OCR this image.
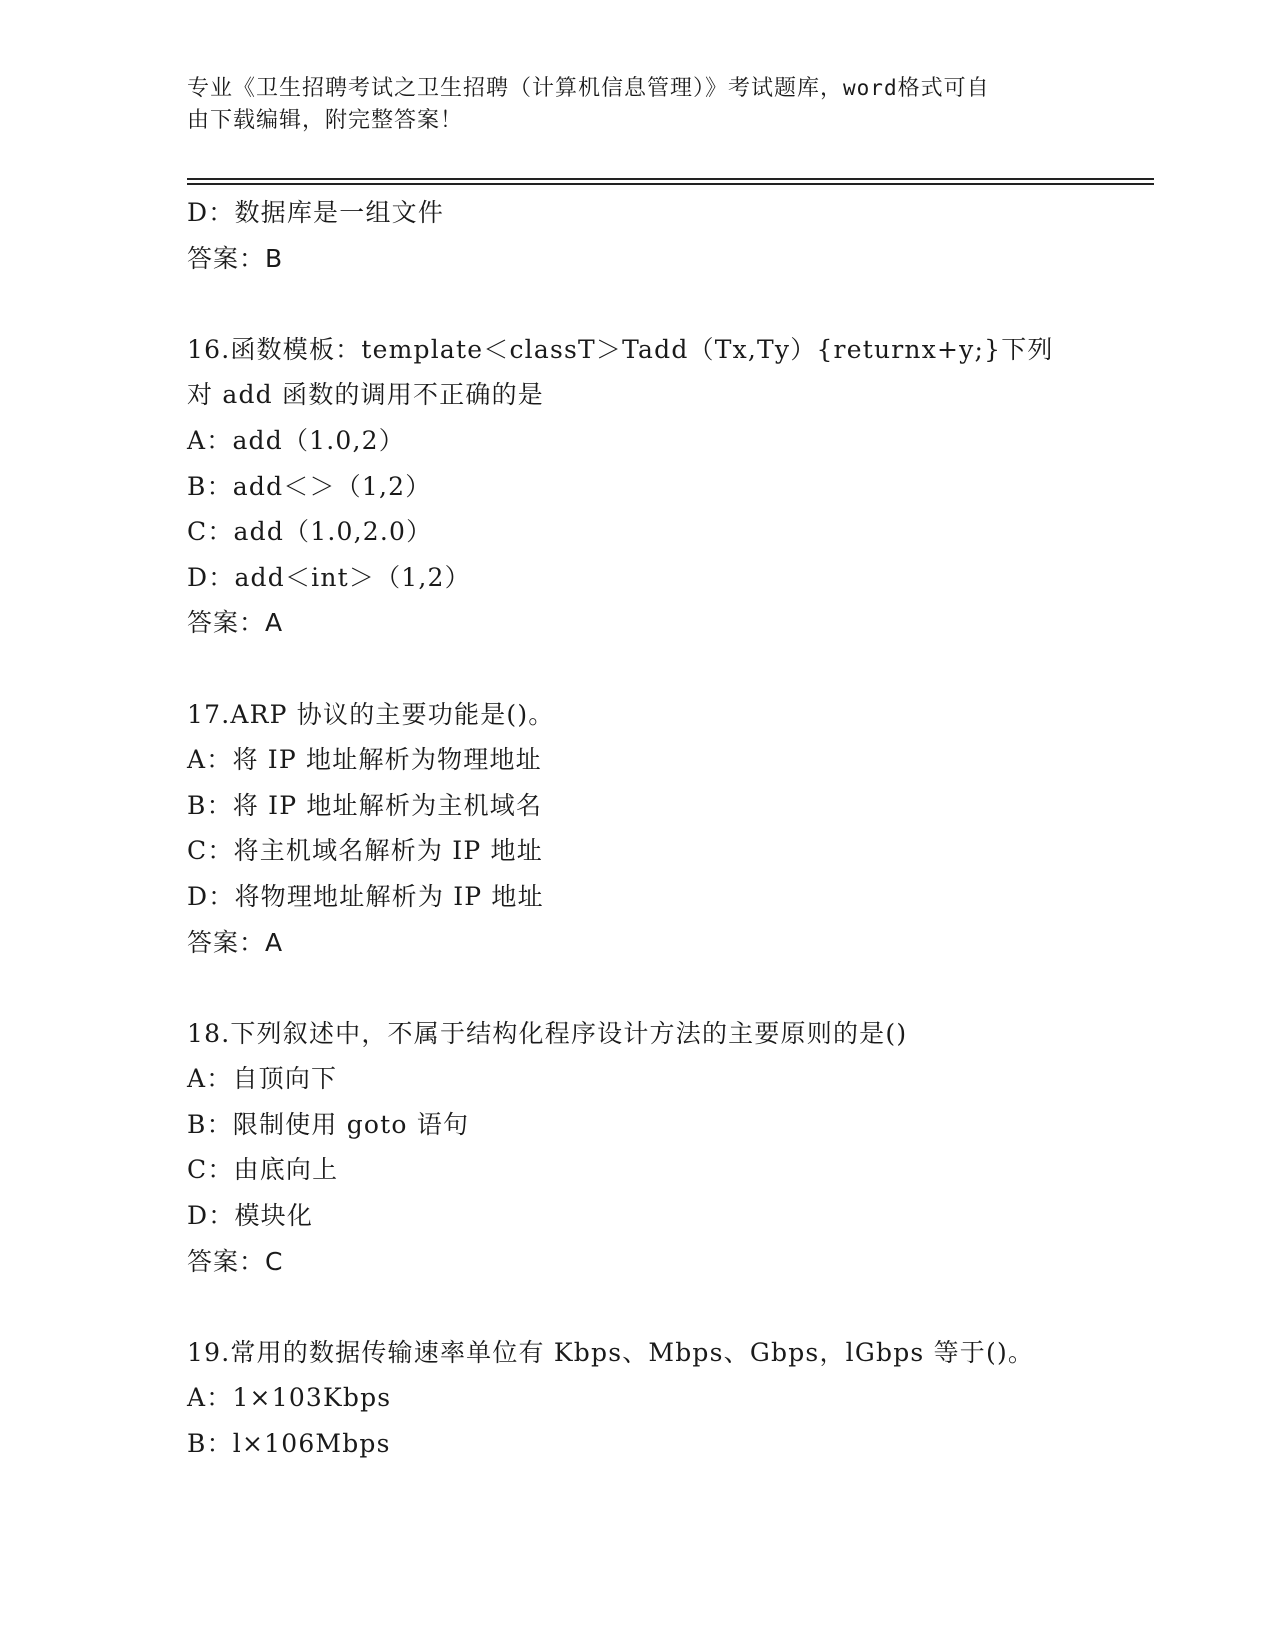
专业《卫生招聘考试之卫生招聘（计算机信息管理）》考试题库，word格式可自
由下载编辑，附完整答案！
D：数据库是一组文件
答案：B
16.函数模板：template＜classT＞Tadd（Tx,Ty）{returnx+y;}下列
对 add 函数的调用不正确的是
A：add（1.0,2）
B：add＜＞（1,2）
C：add（1.0,2.0）
D：add＜int＞（1,2）
答案：A
17.ARP 协议的主要功能是()。
A：将 IP 地址解析为物理地址
B：将 IP 地址解析为主机域名
C：将主机域名解析为 IP 地址
D：将物理地址解析为 IP 地址
答案：A
18.下列叙述中，不属于结构化程序设计方法的主要原则的是()
A：自顶向下
B：限制使用 goto 语句
C：由底向上
D：模块化
答案：C
19.常用的数据传输速率单位有 Kbps、Mbps、Gbps，lGbps 等于()。
A：1×103Kbps
B：l×106Mbps
